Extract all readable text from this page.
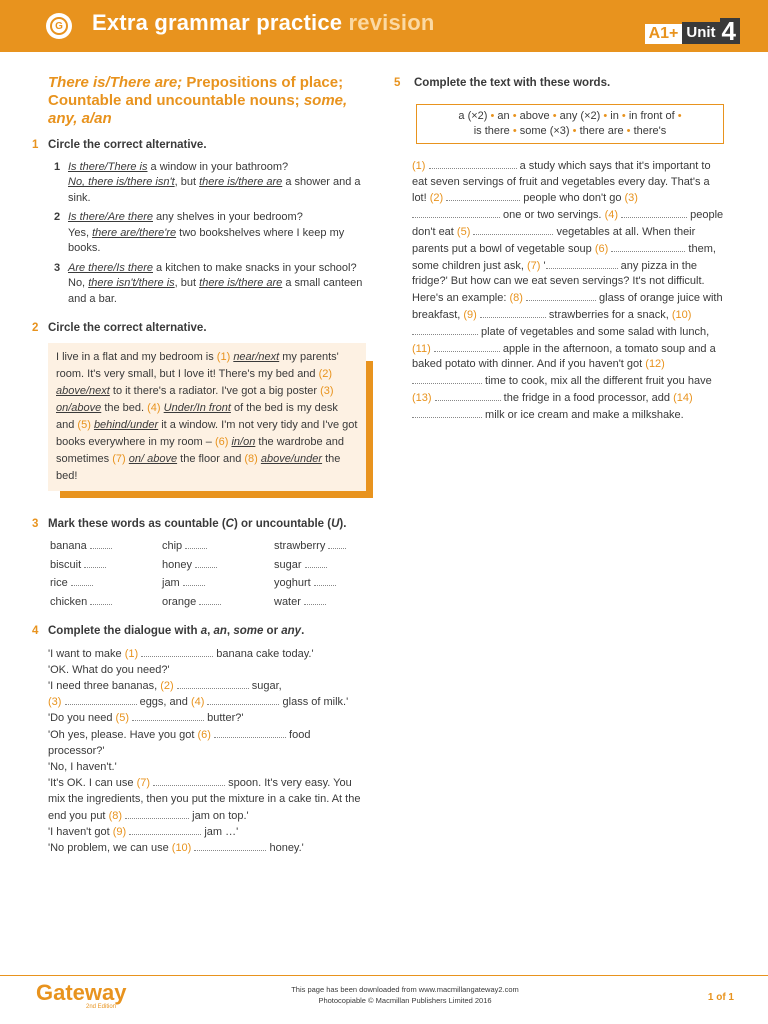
G Extra grammar practice revision	A1+ Unit 4
There is/There are; Prepositions of place; Countable and uncountable nouns; some, any, a/an
1 Circle the correct alternative.
1 Is there/There is a window in your bathroom?
No, there is/there isn't, but there is/there are a shower and a sink.
2 Is there/Are there any shelves in your bedroom?
Yes, there are/there're two bookshelves where I keep my books.
3 Are there/Is there a kitchen to make snacks in your school?
No, there isn't/there is, but there is/there are a small canteen and a bar.
2 Circle the correct alternative.
I live in a flat and my bedroom is (1) near/next my parents' room. It's very small, but I love it! There's my bed and (2) above/next to it there's a radiator. I've got a big poster (3) on/above the bed. (4) Under/In front of the bed is my desk and (5) behind/under it a window. I'm not very tidy and I've got books everywhere in my room – (6) in/on the wardrobe and sometimes (7) on/ above the floor and (8) above/under the bed!
3 Mark these words as countable (C) or uncountable (U).
banana	chip	strawberry
biscuit	honey	sugar
rice	jam	yoghurt
chicken	orange	water
4 Complete the dialogue with a, an, some or any.
'I want to make (1)	banana cake today.'
'OK. What do you need?'
'I need three bananas, (2)	sugar,
(3)	eggs, and (4)	glass of milk.'
'Do you need (5)	butter?'
'Oh yes, please. Have you got (6)	food processor?'
'No, I haven't.'
'It's OK. I can use (7)	spoon. It's very easy. You mix the ingredients, then you put the mixture in a cake tin. At the end you put (8)	jam on top.'
'I haven't got (9)	jam …'
'No problem, we can use (10)	honey.'
5 Complete the text with these words.
a (×2) • an • above • any (×2) • in • in front of •
is there • some (×3) • there are • there's
(1)	a study which says that it's important to eat seven servings of fruit and vegetables every day. That's a lot! (2)	people who don't go (3)  one or two servings. (4)	people don't eat (5)	vegetables at all. When their parents put a bowl of vegetable soup (6)	them, some children just ask, (7) '	any pizza in the fridge?' But how can we eat seven servings? It's not difficult. Here's an example: (8)	glass of orange juice with breakfast, (9)	strawberries for a snack, (10)  plate of vegetables and some salad with lunch, (11)	apple in the afternoon, a tomato soup and a baked potato with dinner. And if you haven't got (12)  time to cook, mix all the different fruit you have (13)	the fridge in a food processor, add (14)  milk or ice cream and make a milkshake.
Gateway
2nd Edition
This page has been downloaded from www.macmillangateway2.com
Photocopiable © Macmillan Publishers Limited 2016	1 of 1
